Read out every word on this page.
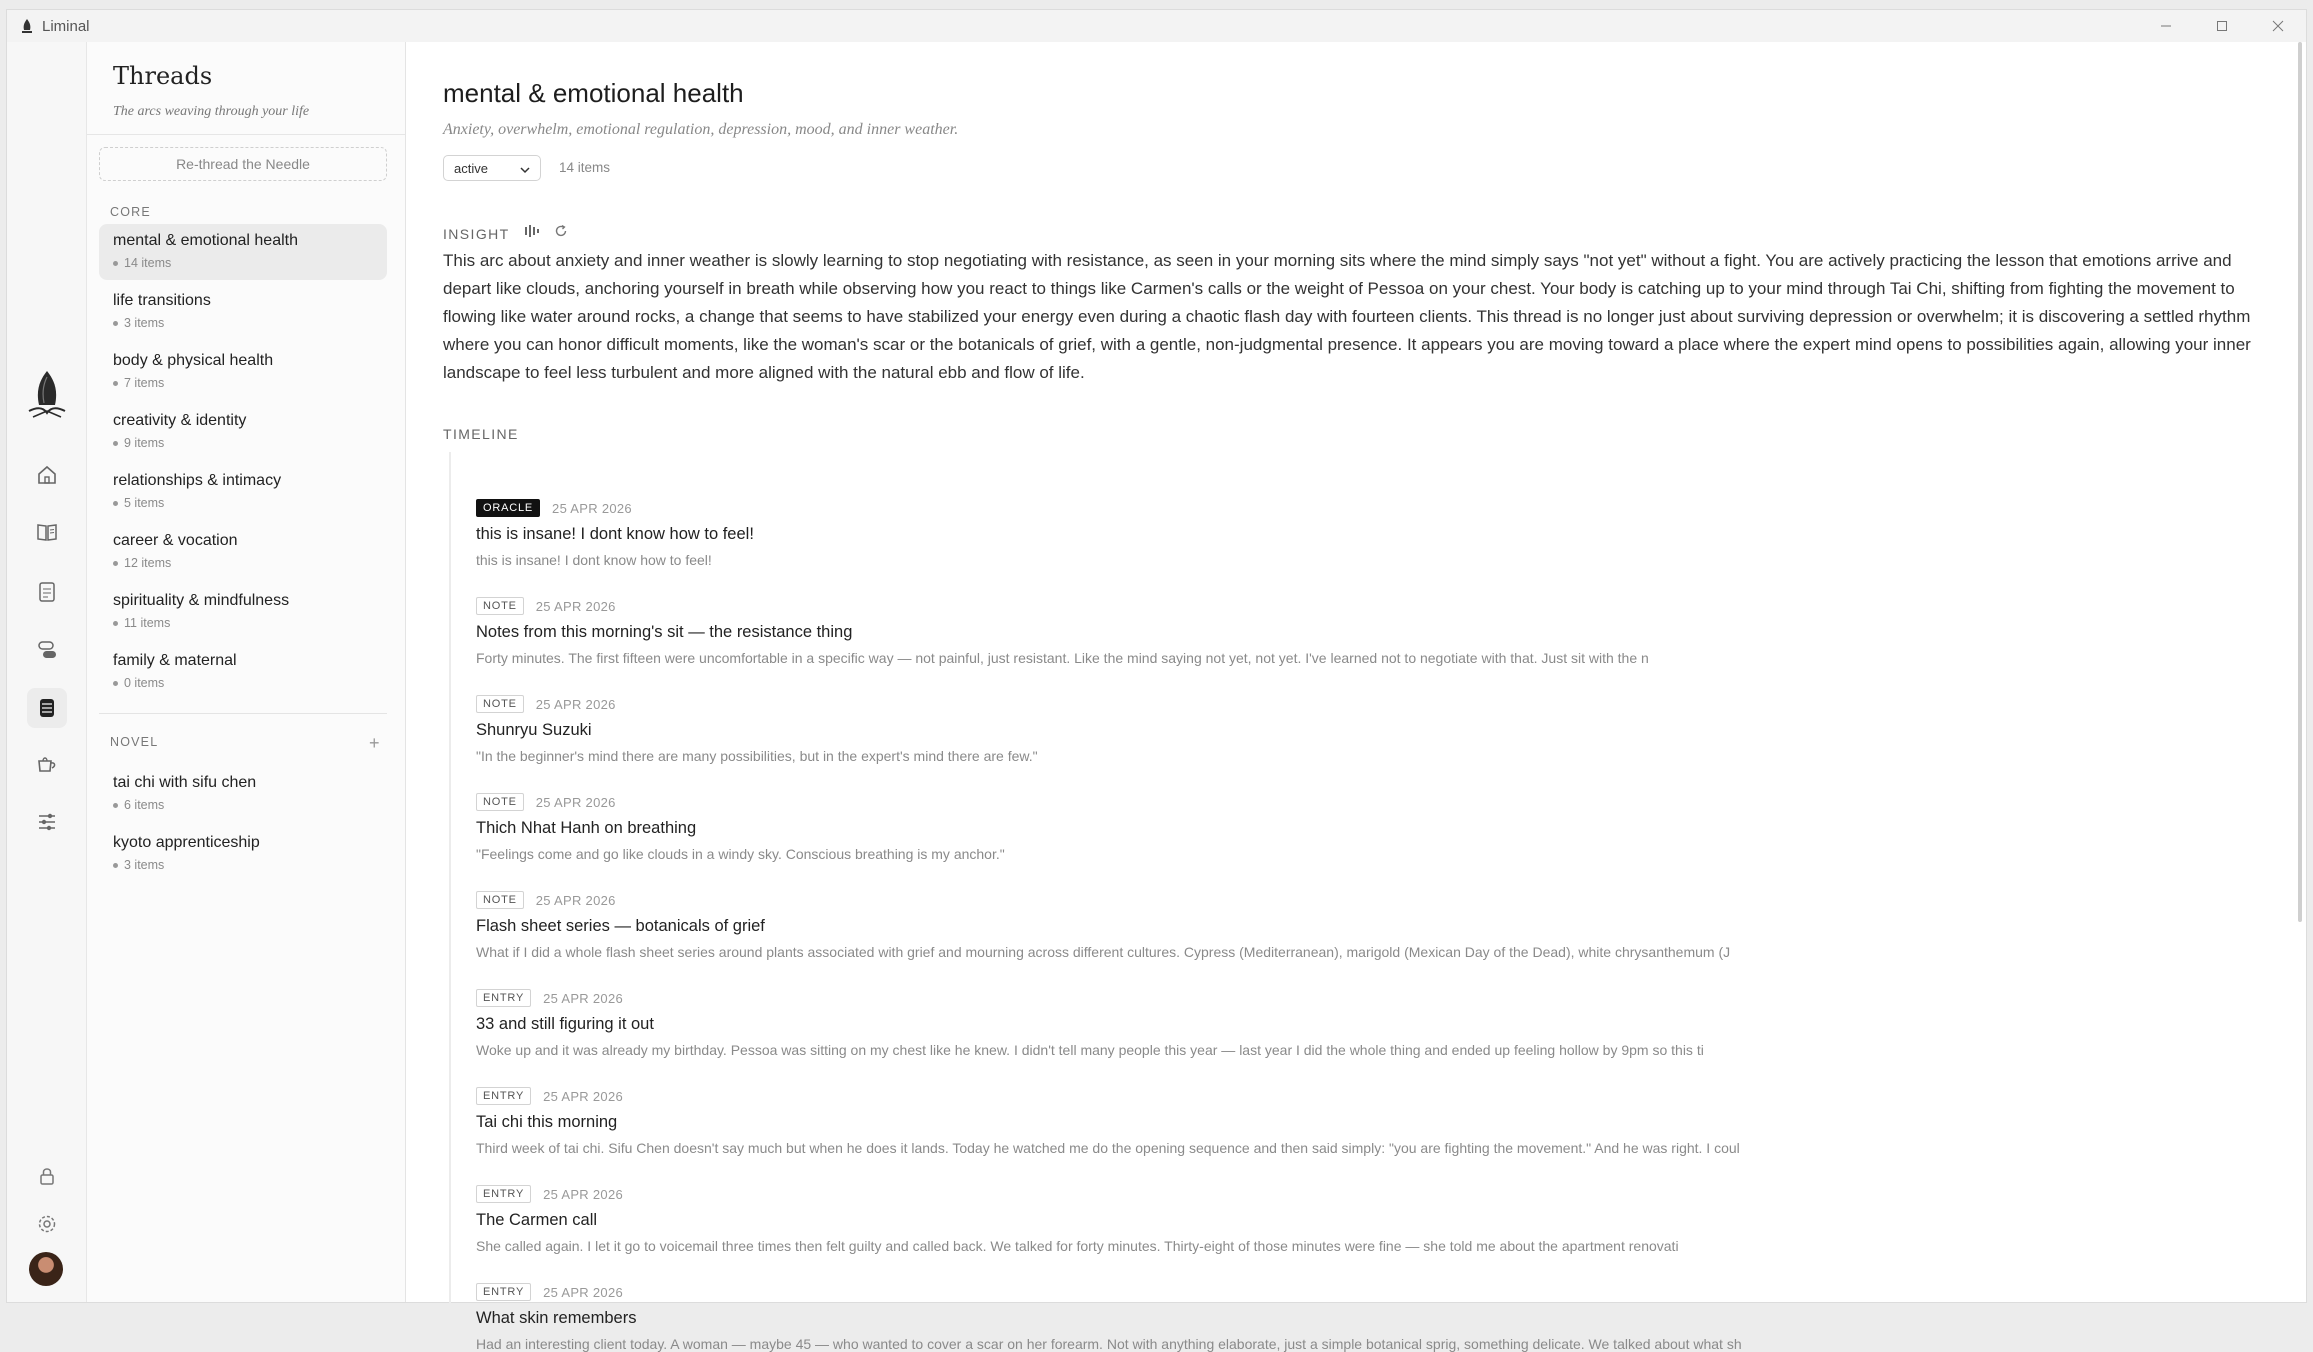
Liminal
Threads
The arcs weaving through your life
Re-thread the Needle
CORE
mental & emotional health
14 items
life transitions
3 items
body & physical health
7 items
creativity & identity
9 items
relationships & intimacy
5 items
career & vocation
12 items
spirituality & mindfulness
11 items
family & maternal
0 items
NOVEL	+
tai chi with sifu chen
6 items
kyoto apprenticeship
3 items
mental & emotional health
Anxiety, overwhelm, emotional regulation, depression, mood, and inner weather.
active	14 items
INSIGHT
This arc about anxiety and inner weather is slowly learning to stop negotiating with resistance, as seen in your morning sits where the mind simply says "not yet" without a fight. You are actively practicing the lesson that emotions arrive and depart like clouds, anchoring yourself in breath while observing how you react to things like Carmen's calls or the weight of Pessoa on your chest. Your body is catching up to your mind through Tai Chi, shifting from fighting the movement to flowing like water around rocks, a change that seems to have stabilized your energy even during a chaotic flash day with fourteen clients. This thread is no longer just about surviving depression or overwhelm; it is discovering a settled rhythm where you can honor difficult moments, like the woman's scar or the botanicals of grief, with a gentle, non-judgmental presence. It appears you are moving toward a place where the expert mind opens to possibilities again, allowing your inner landscape to feel less turbulent and more aligned with the natural ebb and flow of life.
TIMELINE
ORACLE	25 APR 2026
this is insane! I dont know how to feel!
this is insane! I dont know how to feel!
NOTE	25 APR 2026
Notes from this morning's sit — the resistance thing
Forty minutes. The first fifteen were uncomfortable in a specific way — not painful, just resistant. Like the mind saying not yet, not yet. I've learned not to negotiate with that. Just sit with the n
NOTE	25 APR 2026
Shunryu Suzuki
"In the beginner's mind there are many possibilities, but in the expert's mind there are few."
NOTE	25 APR 2026
Thich Nhat Hanh on breathing
"Feelings come and go like clouds in a windy sky. Conscious breathing is my anchor."
NOTE	25 APR 2026
Flash sheet series — botanicals of grief
What if I did a whole flash sheet series around plants associated with grief and mourning across different cultures. Cypress (Mediterranean), marigold (Mexican Day of the Dead), white chrysanthemum (J
ENTRY	25 APR 2026
33 and still figuring it out
Woke up and it was already my birthday. Pessoa was sitting on my chest like he knew. I didn't tell many people this year — last year I did the whole thing and ended up feeling hollow by 9pm so this ti
ENTRY	25 APR 2026
Tai chi this morning
Third week of tai chi. Sifu Chen doesn't say much but when he does it lands. Today he watched me do the opening sequence and then said simply: "you are fighting the movement." And he was right. I coul
ENTRY	25 APR 2026
The Carmen call
She called again. I let it go to voicemail three times then felt guilty and called back. We talked for forty minutes. Thirty-eight of those minutes were fine — she told me about the apartment renovati
ENTRY	25 APR 2026
What skin remembers
Had an interesting client today. A woman — maybe 45 — who wanted to cover a scar on her forearm. Not with anything elaborate, just a simple botanical sprig, something delicate. We talked about what sh
